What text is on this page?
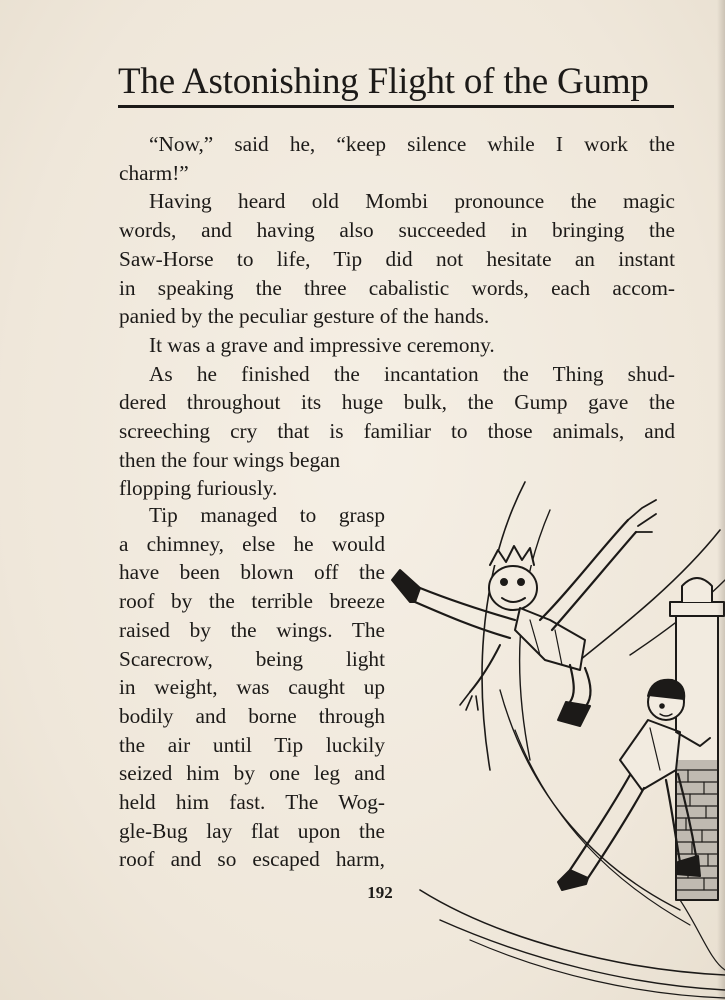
The Astonishing Flight of the Gump
“Now,” said he, “keep silence while I work the
charm!”
Having heard old Mombi pronounce the magic
words, and having also succeeded in bringing the
Saw-Horse to life, Tip did not hesitate an instant
in speaking the three cabalistic words, each accom-
panied by the peculiar gesture of the hands.
It was a grave and impressive ceremony.
As he finished the incantation the Thing shud-
dered throughout its huge bulk, the Gump gave the
screeching cry that is familiar to those animals, and
then the four wings began
flopping furiously.
Tip managed to grasp
a chimney, else he would
have been blown off the
roof by the terrible breeze
raised by the wings. The
Scarecrow, being light
in weight, was caught up
bodily and borne through
the air until Tip luckily
seized him by one leg and
held him fast. The Wog-
gle-Bug lay flat upon the
roof and so escaped harm,
192
